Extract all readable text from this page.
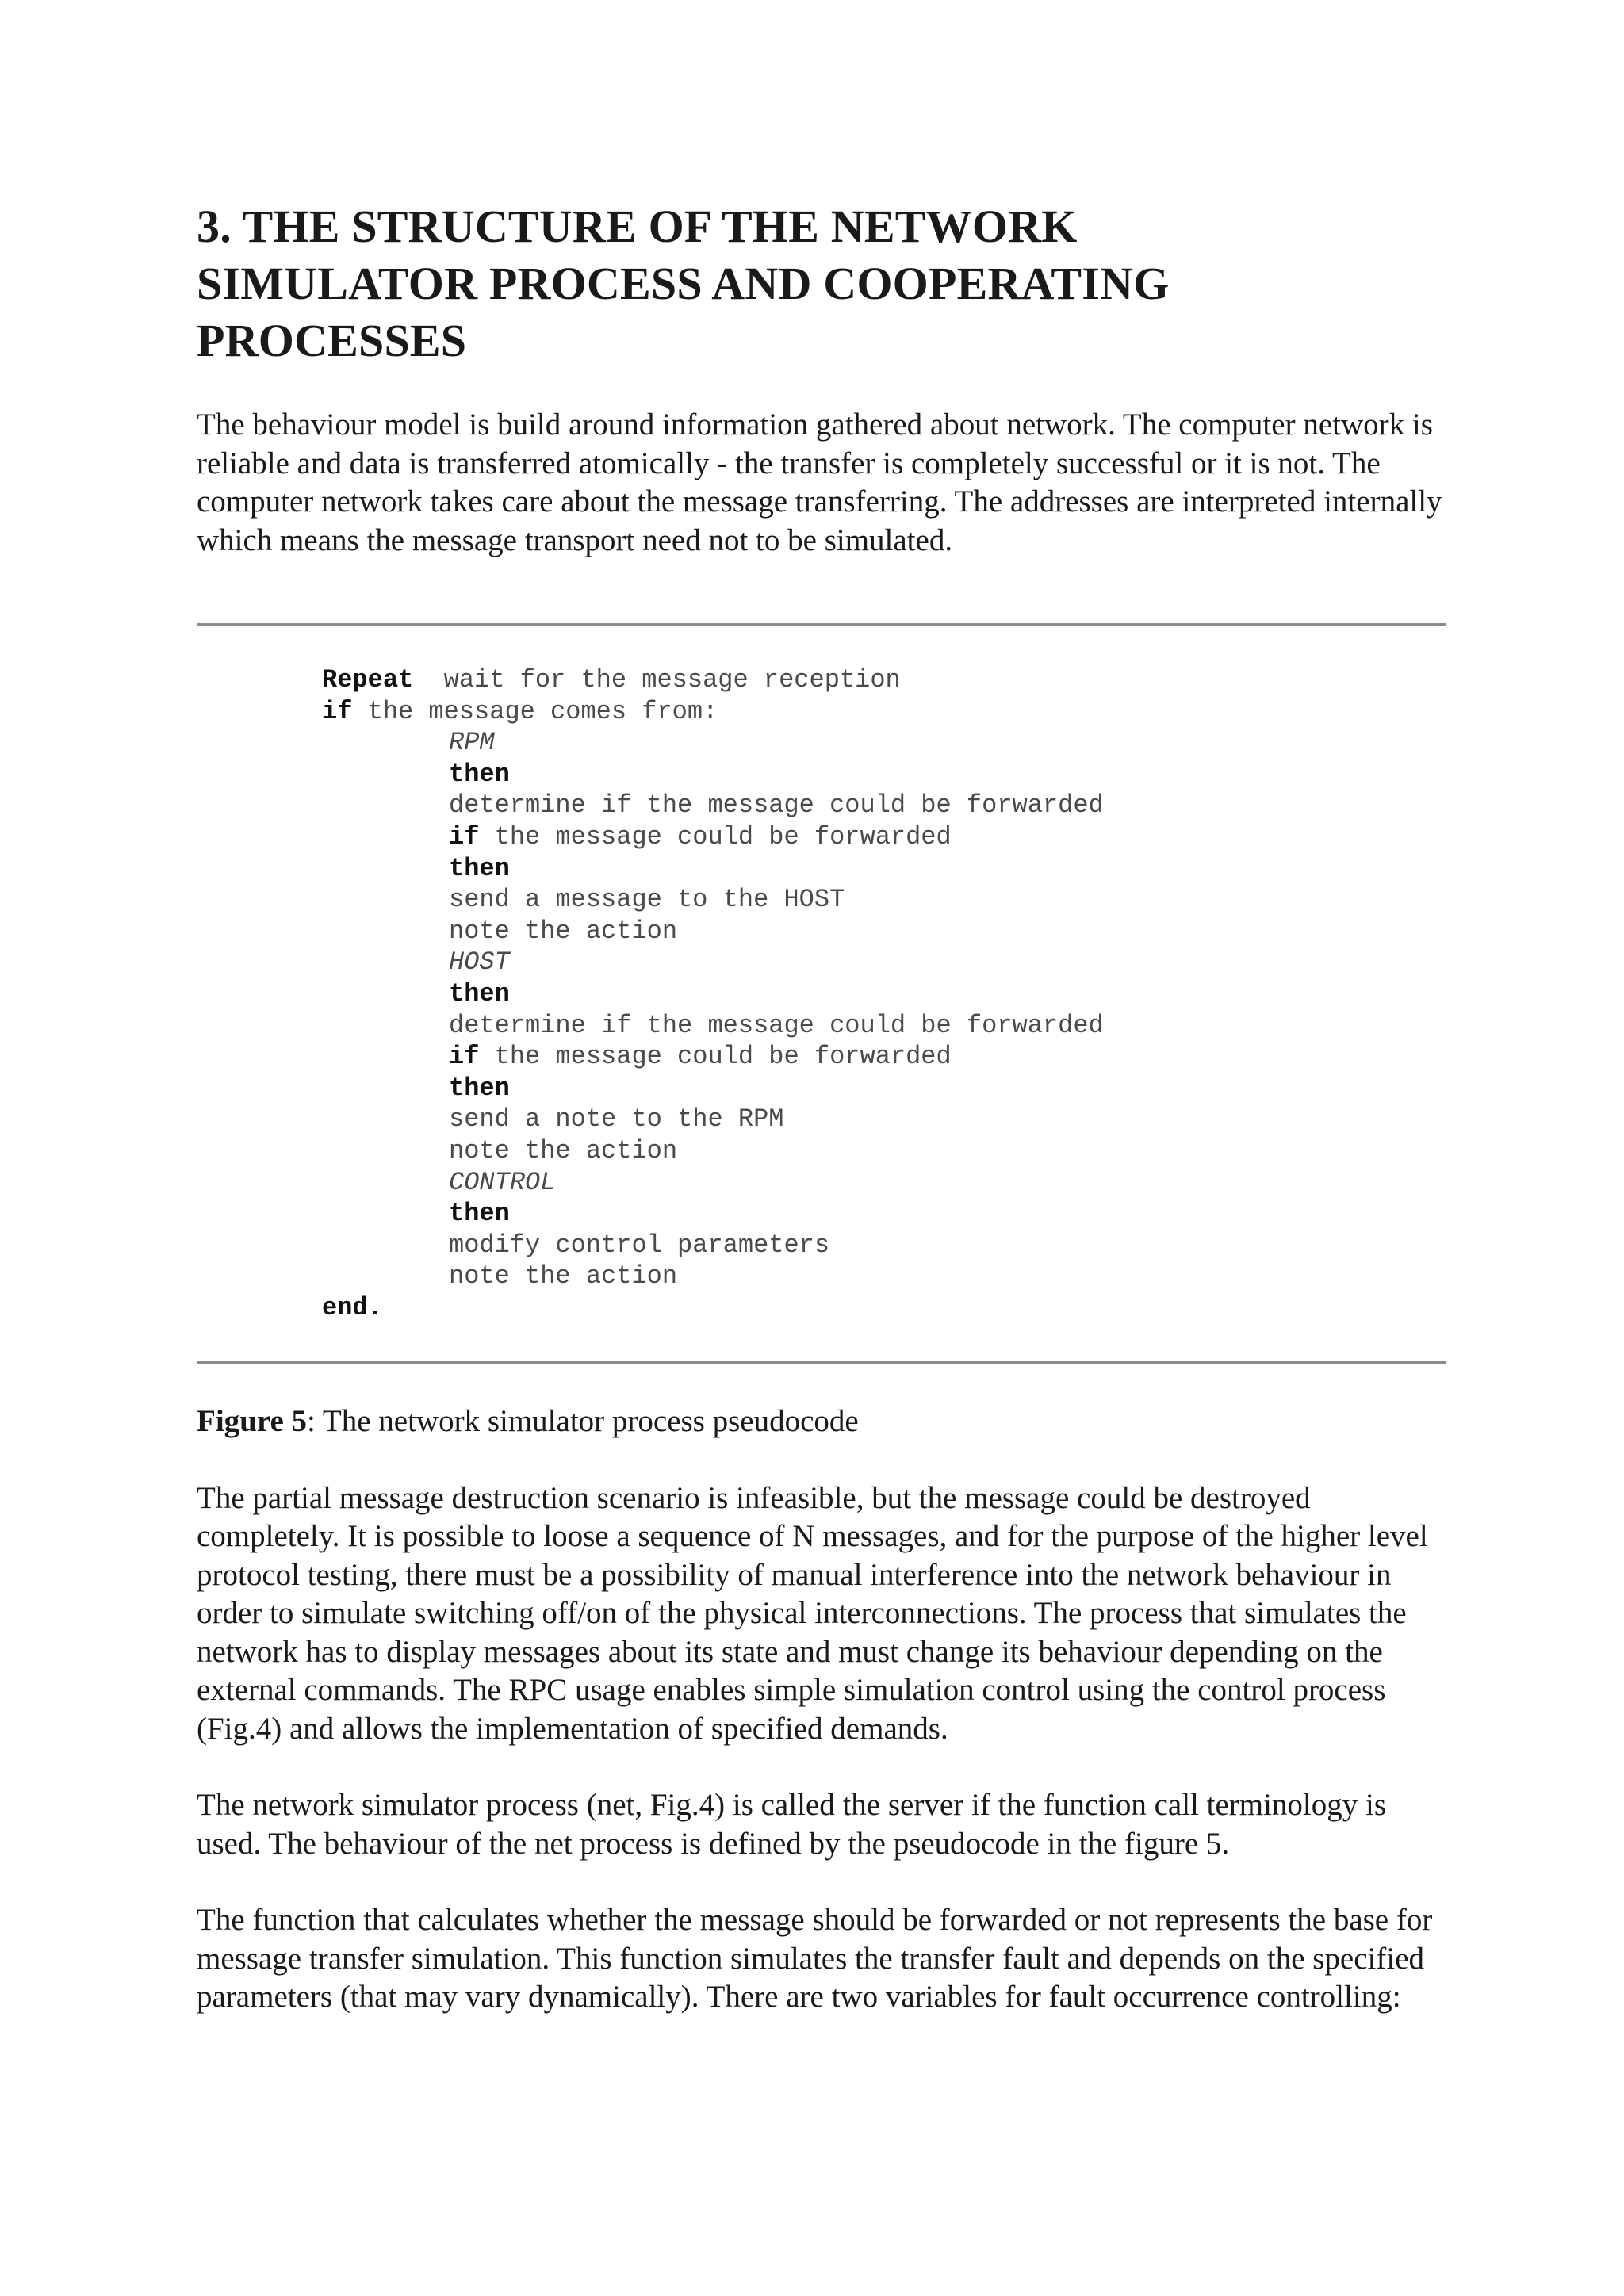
3. THE STRUCTURE OF THE NETWORK
SIMULATOR PROCESS AND COOPERATING
PROCESSES

The behaviour model is build around information gathered about network. The computer network is reliable and data is transferred atomically - the transfer is completely successful or it is not. The computer network takes care about the message transferring. The addresses are interpreted internally which means the message transport need not to be simulated.

Repeat  wait for the message reception
if the message comes from:
RPM
then
determine if the message could be forwarded
if the message could be forwarded
then
send a message to the HOST
note the action
HOST
then
determine if the message could be forwarded
if the message could be forwarded
then
send a note to the RPM
note the action
CONTROL
then
modify control parameters
note the action
end.

Figure 5: The network simulator process pseudocode

The partial message destruction scenario is infeasible, but the message could be destroyed completely. It is possible to loose a sequence of N messages, and for the purpose of the higher level protocol testing, there must be a possibility of manual interference into the network behaviour in order to simulate switching off/on of the physical interconnections. The process that simulates the network has to display messages about its state and must change its behaviour depending on the external commands. The RPC usage enables simple simulation control using the control process (Fig.4) and allows the implementation of specified demands.

The network simulator process (net, Fig.4) is called the server if the function call terminology is used. The behaviour of the net process is defined by the pseudocode in the figure 5.

The function that calculates whether the message should be forwarded or not represents the base for message transfer simulation. This function simulates the transfer fault and depends on the specified parameters (that may vary dynamically). There are two variables for fault occurrence controlling:
